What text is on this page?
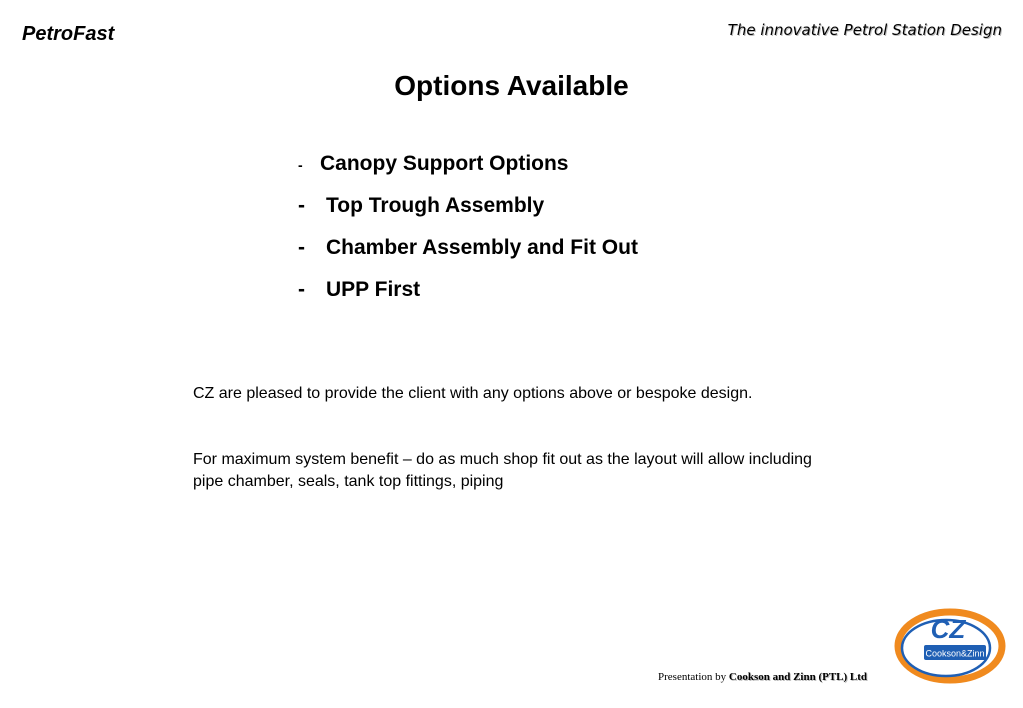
PetroFast	The innovative Petrol Station Design
Options Available
- Canopy Support Options
-	Top Trough Assembly
-	Chamber Assembly and Fit Out
-	UPP First
CZ are pleased to provide the client with any options above or bespoke design.
For maximum system benefit – do as much shop fit out as the layout will allow including pipe chamber, seals, tank top fittings, piping
Presentation by Cookson and Zinn (PTL) Ltd
CZ
Cookson&Zinn
